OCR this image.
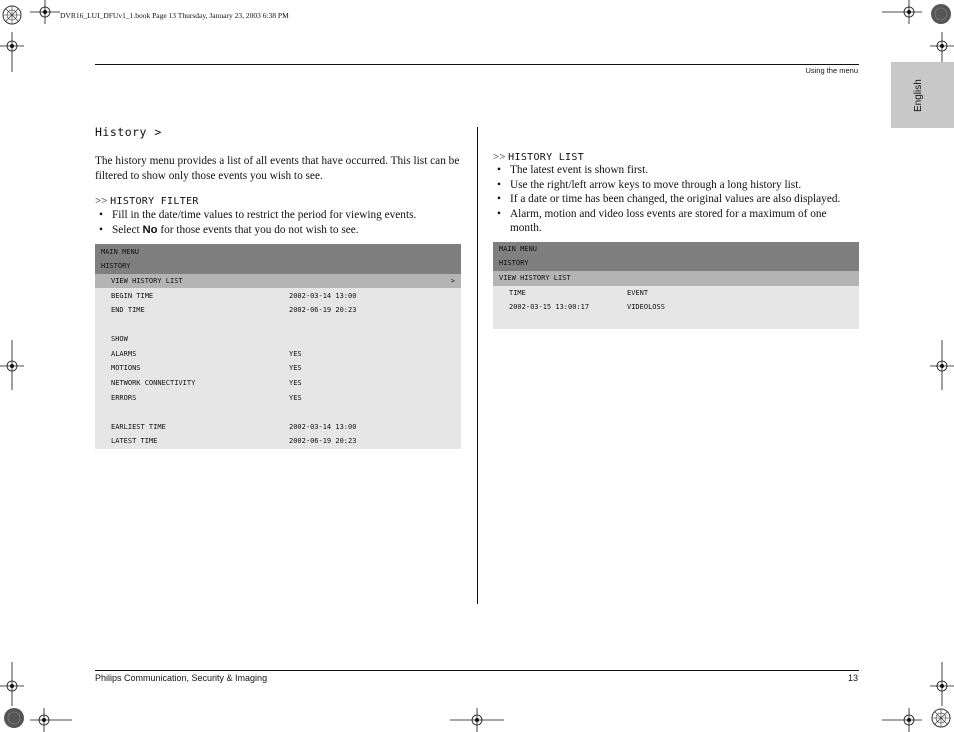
DVR16_LUI_DFUv1_1.book Page 13 Thursday, January 23, 2003 6:38 PM
Using the menu
English
History >
The history menu provides a list of all events that have occurred. This list can be filtered to show only those events you wish to see.
>> HISTORY FILTER
• Fill in the date/time values to restrict the period for viewing events.
• Select No for those events that you do not wish to see.
MAIN MENU
HISTORY
VIEW HISTORY LIST	>
BEGIN TIME	2002-03-14 13:00
END TIME	2002-06-19 20:23
SHOW
ALARMS	YES
MOTIONS	YES
NETWORK CONNECTIVITY	YES
ERRORS	YES
EARLIEST TIME	2002-03-14 13:00
LATEST TIME	2002-06-19 20:23
>> HISTORY LIST
• The latest event is shown first.
• Use the right/left arrow keys to move through a long history list.
• If a date or time has been changed, the original values are also displayed.
• Alarm, motion and video loss events are stored for a maximum of one month.
MAIN MENU
HISTORY
VIEW HISTORY LIST
TIME	EVENT
2002-03-15 13:00:17	VIDEOLOSS
Philips Communication, Security & Imaging	13
